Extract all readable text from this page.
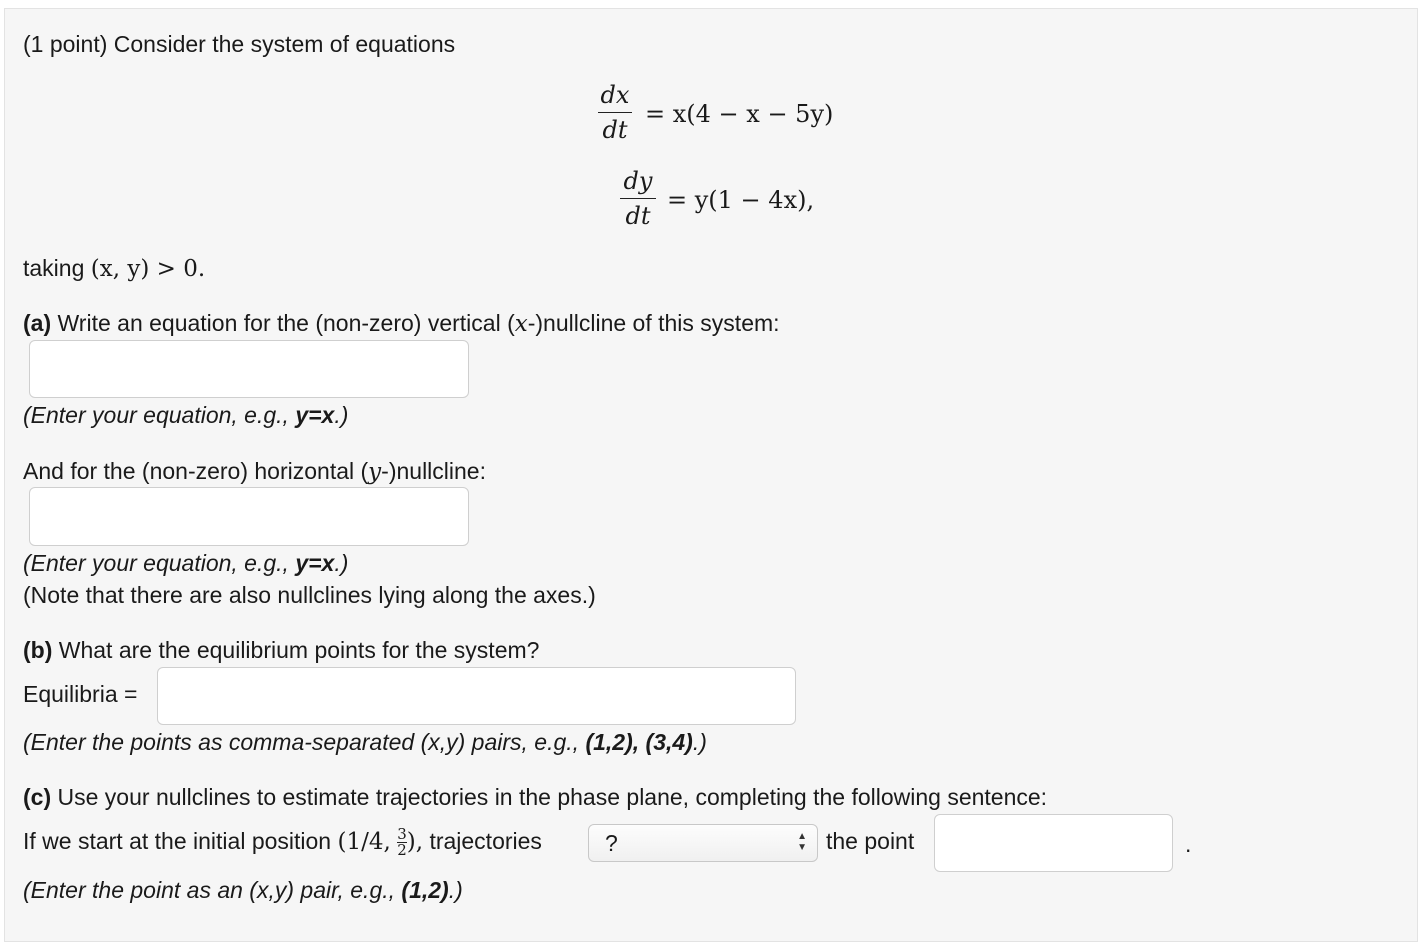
(1 point) Consider the system of equations
dx
dt
= x(4 − x − 5y)
dy
dt
= y(1 − 4x),
taking (x, y) > 0.
(a) Write an equation for the (non-zero) vertical (x-)nullcline of this system:
(Enter your equation, e.g., y=x.)
And for the (non-zero) horizontal (y-)nullcline:
(Enter your equation, e.g., y=x.)
(Note that there are also nullclines lying along the axes.)
(b) What are the equilibrium points for the system?
Equilibria =
(Enter the points as comma-separated (x,y) pairs, e.g., (1,2), (3,4).)
(c) Use your nullclines to estimate trajectories in the phase plane, completing the following sentence:
If we start at the initial position (1/4, $\frac{3}{2}$ ), trajectories	?	▲
▼ the point	.
(Enter the point as an (x,y) pair, e.g., (1,2).)
